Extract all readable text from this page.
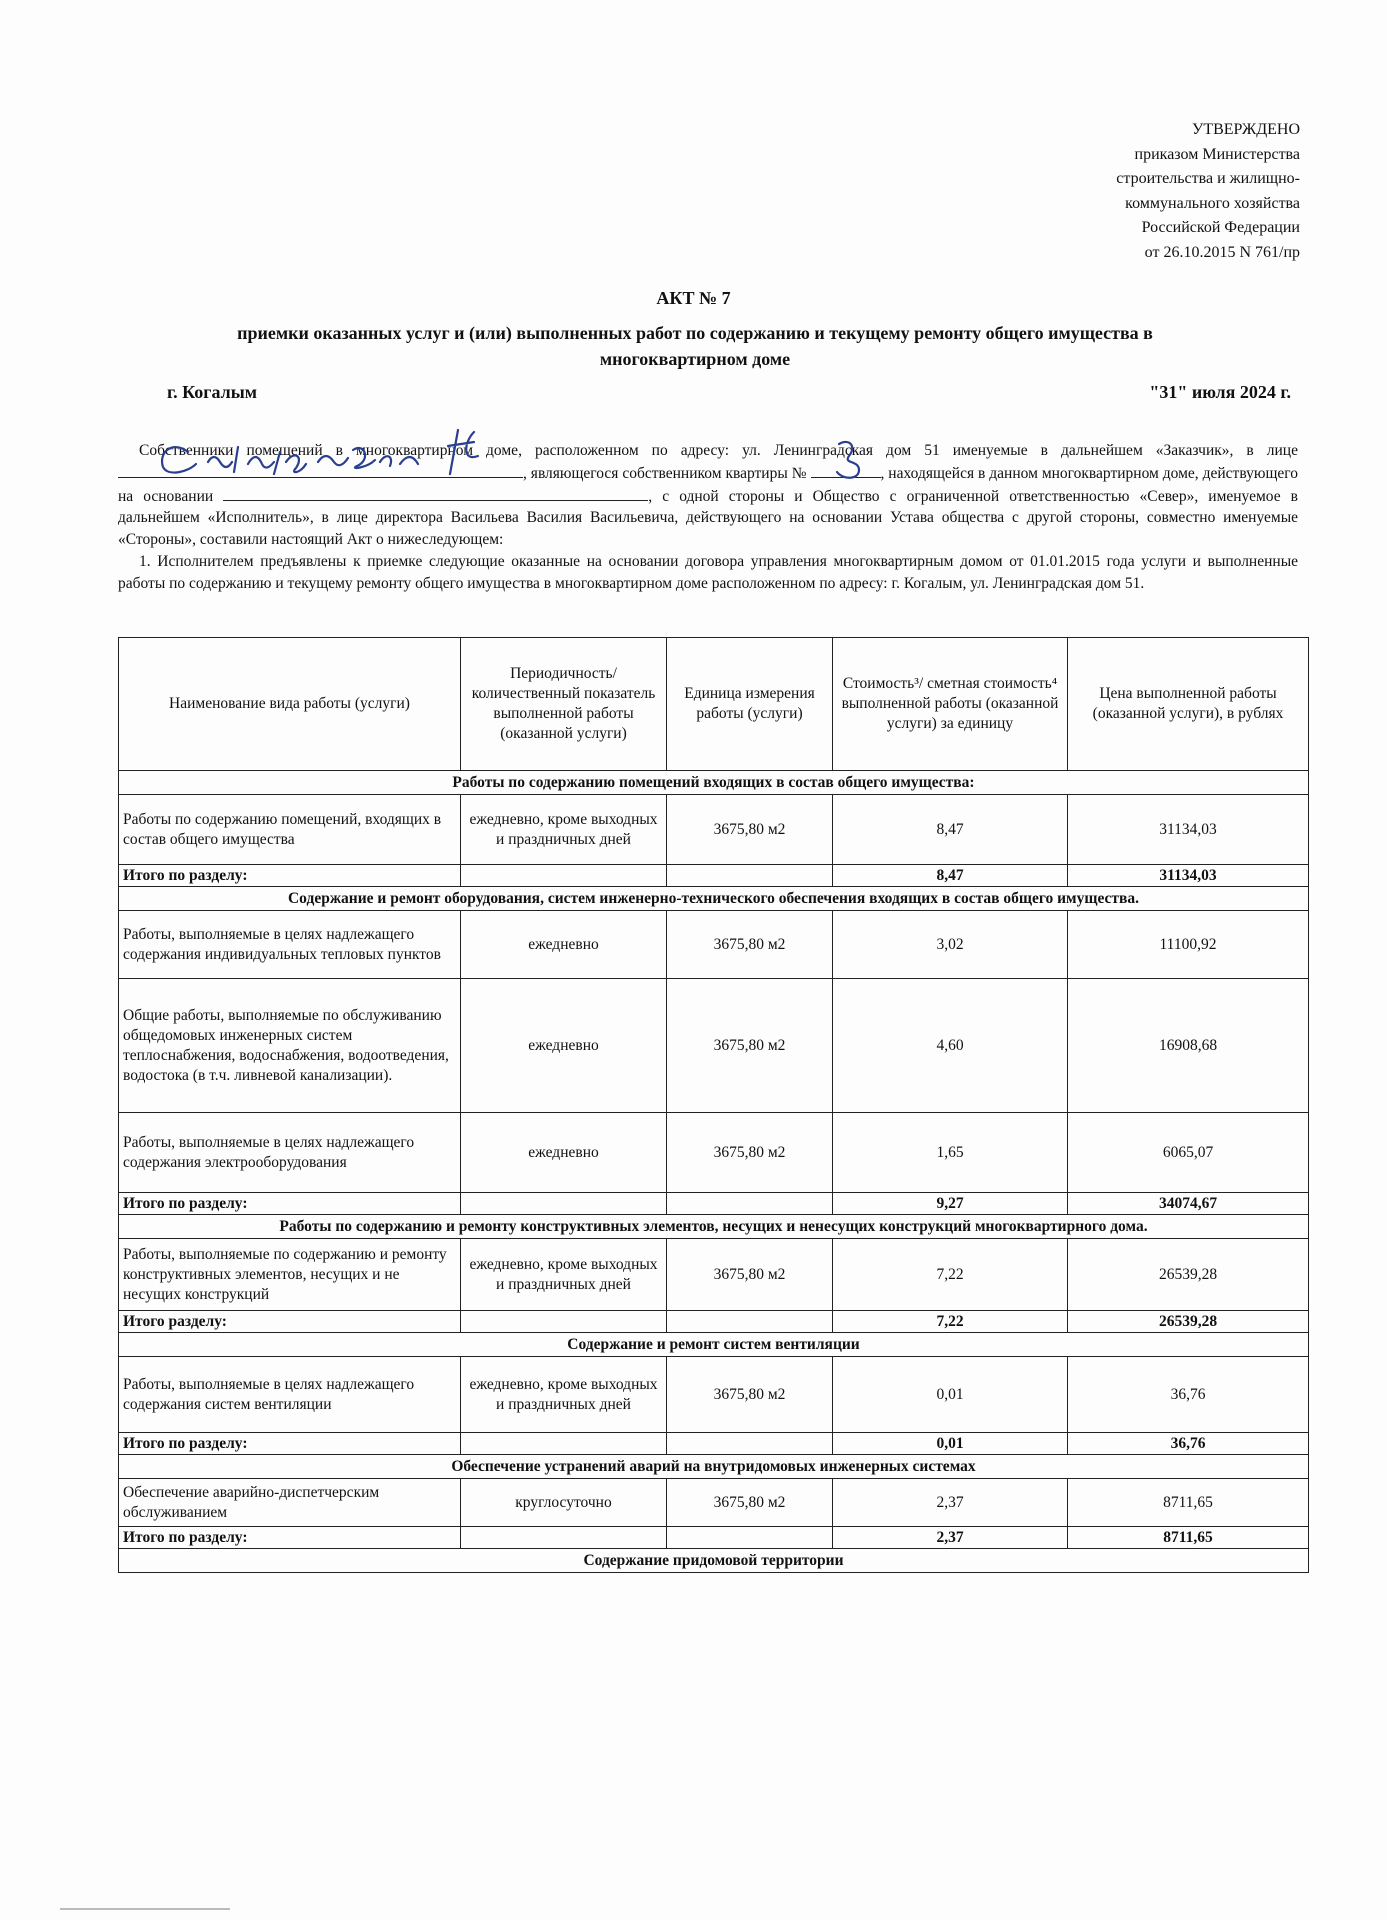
УТВЕРЖДЕНО
приказом Министерства
строительства и жилищно-
коммунального хозяйства
Российской Федерации
от 26.10.2015 N 761/пр
АКТ № 7
приемки оказанных услуг и (или) выполненных работ по содержанию и текущему ремонту общего имущества в многоквартирном доме
г. Когалым	"31" июля 2024 г.
Собственники помещений в многоквартирном доме, расположенном по адресу: ул. Ленинградская дом 51 именуемые в дальнейшем «Заказчик», в лице
, являющегося собственником квартиры №	, находящейся в данном многоквартирном доме, действующего на основании	, с одной стороны и Общество с ограниченной ответственностью «Север», именуемое в дальнейшем «Исполнитель», в лице директора Васильева Василия Васильевича, действующего на основании Устава общества с другой стороны, совместно именуемые «Стороны», составили настоящий Акт о нижеследующем:
1. Исполнителем предъявлены к приемке следующие оказанные на основании договора управления многоквартирным домом от 01.01.2015 года услуги и выполненные работы по содержанию и текущему ремонту общего имущества в многоквартирном доме расположенном по адресу: г. Когалым, ул. Ленинградская дом 51.
Наименование вида работы (услуги)	Периодичность/ количественный показатель выполненной работы (оказанной услуги)	Единица измерения работы (услуги)	Стоимость³/ сметная стоимость⁴ выполненной работы (оказанной услуги) за единицу	Цена выполненной работы (оказанной услуги), в рублях
Работы по содержанию помещений входящих в состав общего имущества:				
Работы по содержанию помещений, входящих в состав общего имущества	ежедневно, кроме выходных и праздничных дней	3675,80 м2	8,47	31134,03
Итого по разделу:			8,47	31134,03
Содержание и ремонт оборудования, систем инженерно-технического обеспечения входящих в состав общего имущества.				
Работы, выполняемые в целях надлежащего содержания индивидуальных тепловых пунктов	ежедневно	3675,80 м2	3,02	11100,92
Общие работы, выполняемые по обслуживанию общедомовых инженерных систем теплоснабжения, водоснабжения, водоотведения, водостока (в т.ч. ливневой канализации).	ежедневно	3675,80 м2	4,60	16908,68
Работы, выполняемые в целях надлежащего содержания электрооборудования	ежедневно	3675,80 м2	1,65	6065,07
Итого по разделу:			9,27	34074,67
Работы по содержанию и ремонту конструктивных элементов, несущих и ненесущих конструкций многоквартирного дома.				
Работы, выполняемые по содержанию и ремонту конструктивных элементов, несущих и не несущих конструкций	ежедневно, кроме выходных и праздничных дней	3675,80 м2	7,22	26539,28
Итого разделу:			7,22	26539,28
Содержание и ремонт систем вентиляции				
Работы, выполняемые в целях надлежащего содержания систем вентиляции	ежедневно, кроме выходных и праздничных дней	3675,80 м2	0,01	36,76
Итого по разделу:			0,01	36,76
Обеспечение устранений аварий на внутридомовых инженерных системах				
Обеспечение аварийно-диспетчерским обслуживанием	круглосуточно	3675,80 м2	2,37	8711,65
Итого по разделу:			2,37	8711,65
Содержание придомовой территории				
